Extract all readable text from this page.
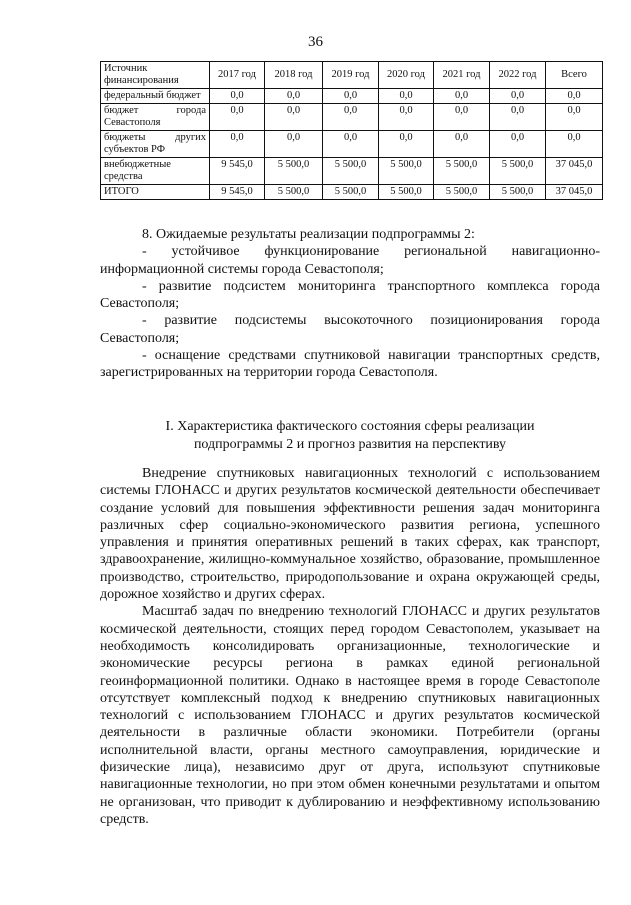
36
Источник финансирования	2017 год	2018 год	2019 год	2020 год	2021 год	2022 год	Всего
федеральный бюджет	0,0	0,0	0,0	0,0	0,0	0,0	0,0
бюджет города Севастополя	0,0	0,0	0,0	0,0	0,0	0,0	0,0
бюджеты других субъектов РФ	0,0	0,0	0,0	0,0	0,0	0,0	0,0
внебюджетные средства	9 545,0	5 500,0	5 500,0	5 500,0	5 500,0	5 500,0	37 045,0
ИТОГО	9 545,0	5 500,0	5 500,0	5 500,0	5 500,0	5 500,0	37 045,0

8. Ожидаемые результаты реализации подпрограммы 2:

- устойчивое функционирование региональной навигационно-информационной системы города Севастополя;

- развитие подсистем мониторинга транспортного комплекса города Севастополя;

- развитие подсистемы высокоточного позиционирования города Севастополя;

- оснащение средствами спутниковой навигации транспортных средств, зарегистрированных на территории города Севастополя.

I. Характеристика фактического состояния сферы реализации
подпрограммы 2 и прогноз развития на перспективу

Внедрение спутниковых навигационных технологий с использованием системы ГЛОНАСС и других результатов космической деятельности обеспечивает создание условий для повышения эффективности решения задач мониторинга различных сфер социально-экономического развития региона, успешного управления и принятия оперативных решений в таких сферах, как транспорт, здравоохранение, жилищно-коммунальное хозяйство, образование, промышленное производство, строительство, природопользование и охрана окружающей среды, дорожное хозяйство и других сферах.

Масштаб задач по внедрению технологий ГЛОНАСС и других результатов космической деятельности, стоящих перед городом Севастополем, указывает на необходимость консолидировать организационные, технологические и экономические ресурсы региона в рамках единой региональной геоинформационной политики. Однако в настоящее время в городе Севастополе отсутствует комплексный подход к внедрению спутниковых навигационных технологий с использованием ГЛОНАСС и других результатов космической деятельности в различные области экономики. Потребители (органы исполнительной власти, органы местного самоуправления, юридические и физические лица), независимо друг от друга, используют спутниковые навигационные технологии, но при этом обмен конечными результатами и опытом не организован, что приводит к дублированию и неэффективному использованию средств.
